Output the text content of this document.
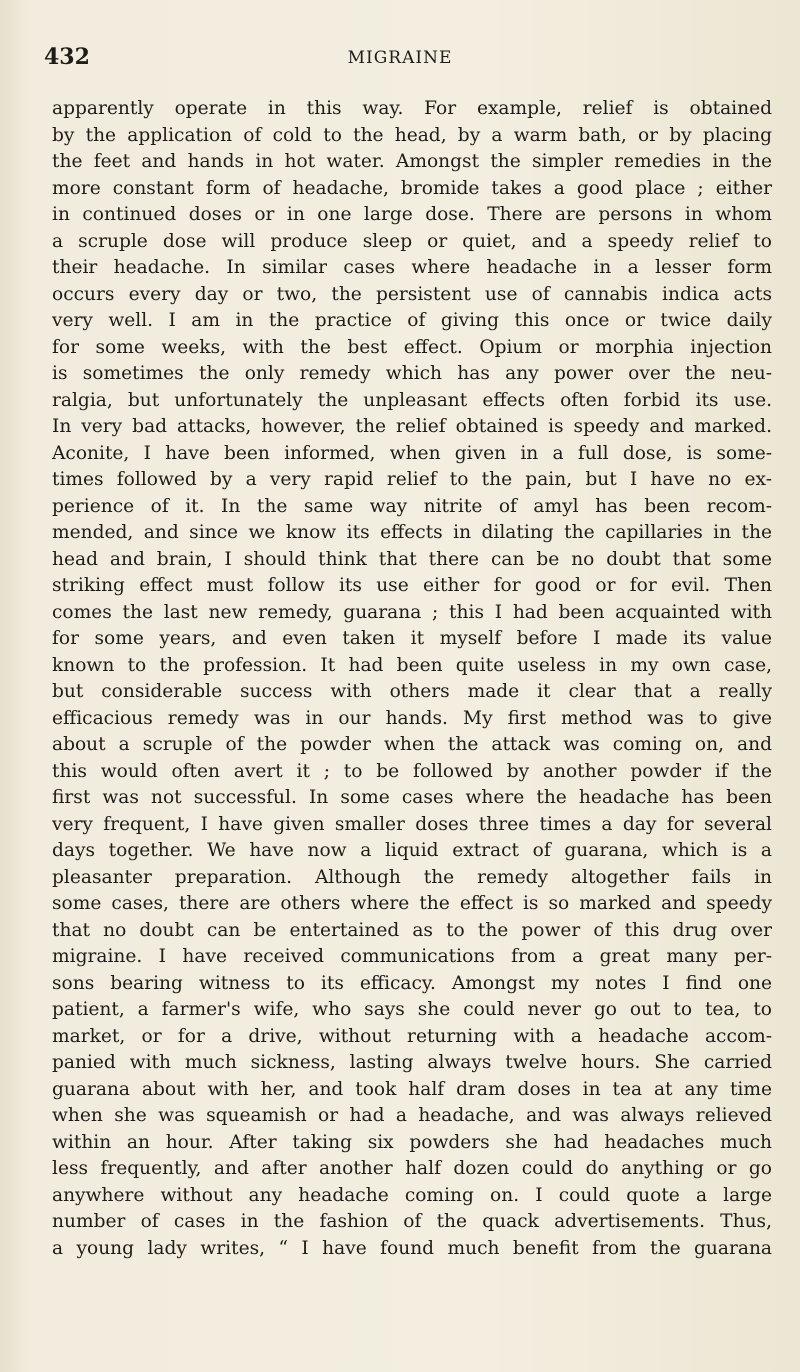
432	MIGRAINE
apparently operate in this way. For example, relief is obtained
by the application of cold to the head, by a warm bath, or by placing
the feet and hands in hot water. Amongst the simpler remedies in the
more constant form of headache, bromide takes a good place ; either
in continued doses or in one large dose. There are persons in whom
a scruple dose will produce sleep or quiet, and a speedy relief to
their headache. In similar cases where headache in a lesser form
occurs every day or two, the persistent use of cannabis indica acts
very well. I am in the practice of giving this once or twice daily
for some weeks, with the best effect. Opium or morphia injection
is sometimes the only remedy which has any power over the neu-
ralgia, but unfortunately the unpleasant effects often forbid its use.
In very bad attacks, however, the relief obtained is speedy and marked.
Aconite, I have been informed, when given in a full dose, is some-
times followed by a very rapid relief to the pain, but I have no ex-
perience of it. In the same way nitrite of amyl has been recom-
mended, and since we know its effects in dilating the capillaries in the
head and brain, I should think that there can be no doubt that some
striking effect must follow its use either for good or for evil. Then
comes the last new remedy, guarana ; this I had been acquainted with
for some years, and even taken it myself before I made its value
known to the profession. It had been quite useless in my own case,
but considerable success with others made it clear that a really
efficacious remedy was in our hands. My first method was to give
about a scruple of the powder when the attack was coming on, and
this would often avert it ; to be followed by another powder if the
first was not successful. In some cases where the headache has been
very frequent, I have given smaller doses three times a day for several
days together. We have now a liquid extract of guarana, which is a
pleasanter preparation. Although the remedy altogether fails in
some cases, there are others where the effect is so marked and speedy
that no doubt can be entertained as to the power of this drug over
migraine. I have received communications from a great many per-
sons bearing witness to its efficacy. Amongst my notes I find one
patient, a farmer's wife, who says she could never go out to tea, to
market, or for a drive, without returning with a headache accom-
panied with much sickness, lasting always twelve hours. She carried
guarana about with her, and took half dram doses in tea at any time
when she was squeamish or had a headache, and was always relieved
within an hour. After taking six powders she had headaches much
less frequently, and after another half dozen could do anything or go
anywhere without any headache coming on. I could quote a large
number of cases in the fashion of the quack advertisements. Thus,
a young lady writes, “ I have found much benefit from the guarana
